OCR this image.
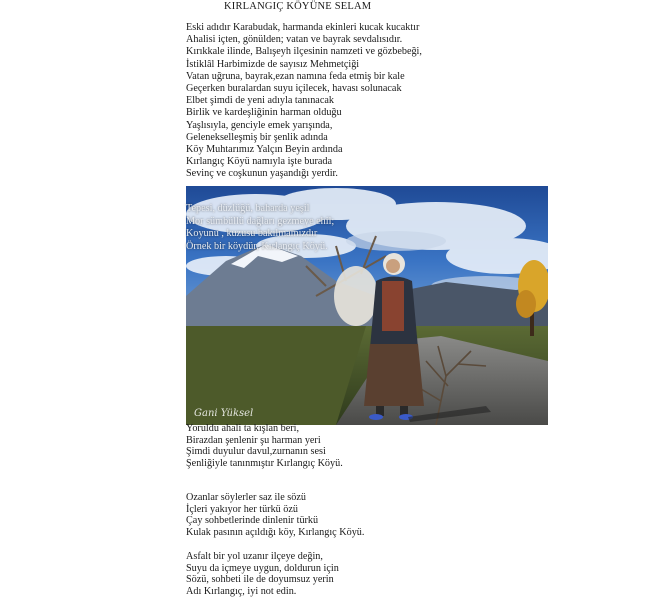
KIRLANGIÇ KÖYÜNE SELAM
Eski adıdır Karabudak, harmanda ekinleri kucak kucaktır
Ahalisi içten, gönülden; vatan ve bayrak sevdalısıdır.
Kırıkkale ilinde, Balışeyh ilçesinin namzeti ve gözbebeği,
İstiklâl Harbimizde de sayısız Mehmetçiği
Vatan uğruna, bayrak,ezan namına feda etmiş bir kale
Geçerken buralardan suyu içilecek, havası solunacak
Elbet şimdi de yeni adıyla tanınacak
Birlik ve kardeşliğinin harman olduğu
Yaşlısıyla, genciyle emek yarışında,
Gelenekselleşmiş bir şenlik adında
Köy Muhtarımız Yalçın Beyin ardında
Kırlangıç Köyü namıyla işte burada
Sevinç ve coşkunun yaşandığı yerdir.
Gani Yüksel
Tepesi, düzlüğü, baharda yeşil
Mor sümbüllü dağları gezmeye ehil;
Koyunu , kuzusu bakılmamızdır
Örnek bir köydür, Kırlangıç Köyü.
Yoruldu ahali ta kışlan beri,
Birazdan şenlenir şu harman yeri
Şimdi duyulur davul,zurnanın sesi
Şenliğiyle tanınmıştır Kırlangıç Köyü.
Ozanlar söylerler saz ile sözü
İçleri yakıyor her türkü özü
Çay sohbetlerinde dinlenir türkü
Kulak pasının açıldığı köy, Kırlangıç Köyü.
Asfalt bir yol uzanır ilçeye değin,
Suyu da içmeye uygun, doldurun için
Sözü, sohbeti ile de doyumsuz yerin
Adı Kırlangıç, iyi not edin.
